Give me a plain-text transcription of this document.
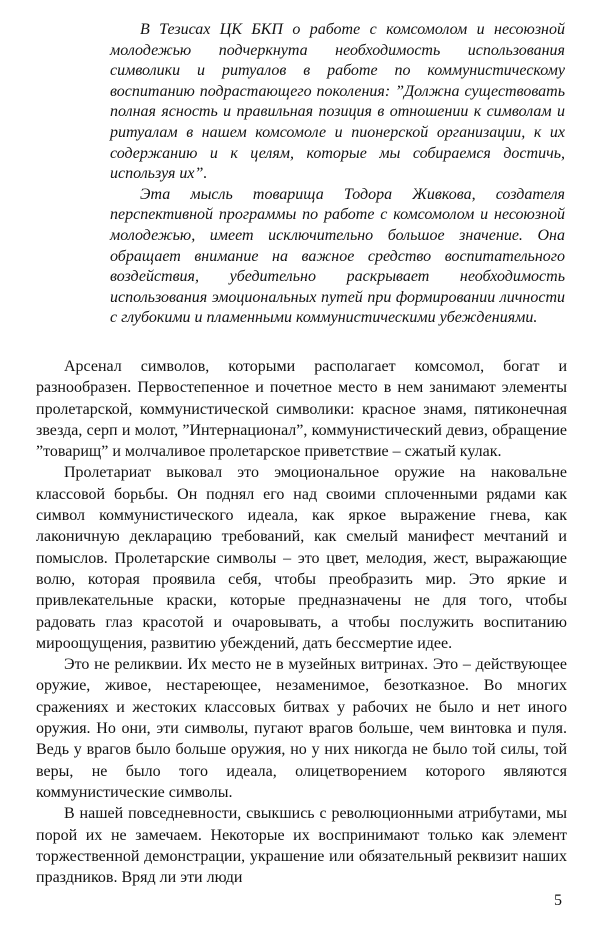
В Тезисах ЦК БКП о работе с комсомолом и несоюзной молодежью подчеркнута необходимость использования символики и ритуалов в работе по коммунистическому воспитанию подрастающего поколения: ”Должна существовать полная ясность и правильная позиция в отношении к символам и ритуалам в нашем комсомоле и пионерской организации, к их содержанию и к целям, которые мы собираемся достичь, используя их”.

Эта мысль товарища Тодора Живкова, создателя перспективной программы по работе с комсомолом и несоюзной молодежью, имеет исключительно большое значение. Она обращает внимание на важное средство воспитательного воздействия, убедительно раскрывает необходимость использования эмоциональных путей при формировании личности с глубокими и пламенными коммунистическими убеждениями.

Арсенал символов, которыми располагает комсомол, богат и разнообразен. Первостепенное и почетное место в нем занимают элементы пролетарской, коммунистической символики: красное знамя, пятиконечная звезда, серп и молот, ”Интернационал”, коммунистический девиз, обращение ”товарищ” и молчаливое пролетарское приветствие – сжатый кулак.

Пролетариат выковал это эмоциональное оружие на наковальне классовой борьбы. Он поднял его над своими сплоченными рядами как символ коммунистического идеала, как яркое выражение гнева, как лаконичную декларацию требований, как смелый манифест мечтаний и помыслов. Пролетарские символы – это цвет, мелодия, жест, выражающие волю, которая проявила себя, чтобы преобразить мир. Это яркие и привлекательные краски, которые предназначены не для того, чтобы радовать глаз красотой и очаровывать, а чтобы послужить воспитанию мироощущения, развитию убеждений, дать бессмертие идее.

Это не реликвии. Их место не в музейных витринах. Это – действующее оружие, живое, нестареющее, незаменимое, безотказное. Во многих сражениях и жестоких классовых битвах у рабочих не было и нет иного оружия. Но они, эти символы, пугают врагов больше, чем винтовка и пуля. Ведь у врагов было больше оружия, но у них никогда не было той силы, той веры, не было того идеала, олицетворением которого являются коммунистические символы.

В нашей повседневности, свыкшись с революционными атрибутами, мы порой их не замечаем. Некоторые их воспринимают только как элемент торжественной демонстрации, украшение или обязательный реквизит наших праздников. Вряд ли эти люди

5
